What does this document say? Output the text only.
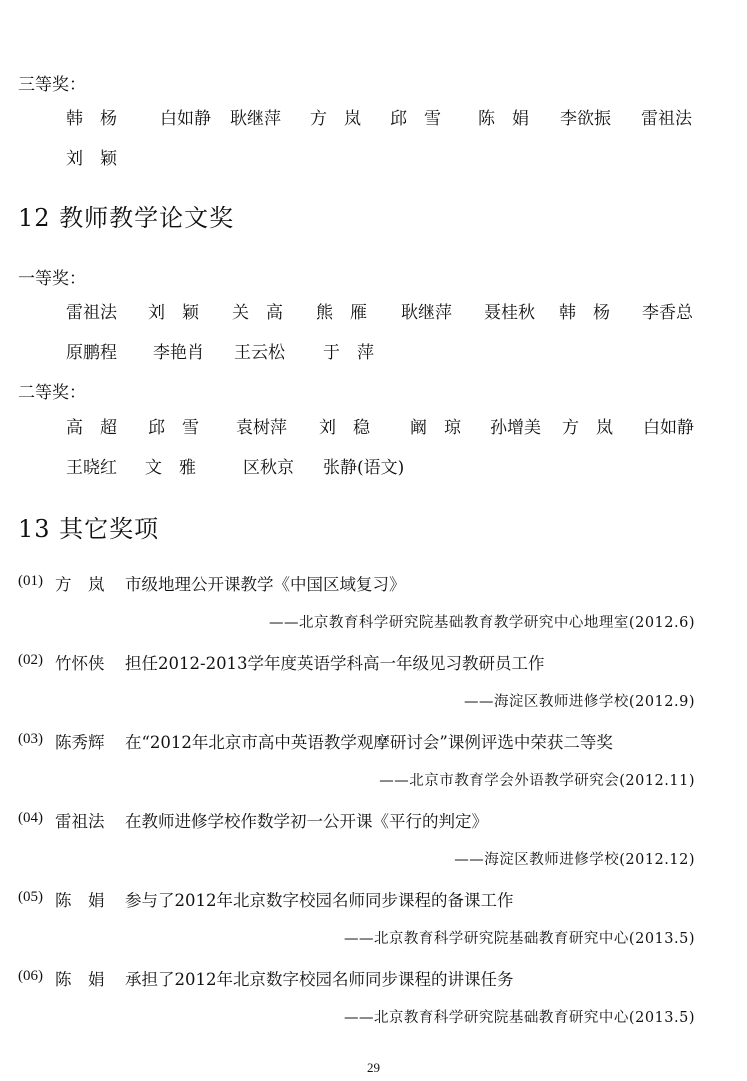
三等奖：
韩　杨	白如静 耿继萍 方　岚 邱　雪 陈　娟 李欲振 雷祖法
刘　颖
12 教师教学论文奖
一等奖：
雷祖法 刘　颖 关　高 熊　雁 耿继萍 聂桂秋 韩　杨 李香总
原鹏程 李艳肖 王云松 于　萍
二等奖：
高　超 邱　雪 袁树萍 刘　稳 阚　琼 孙增美 方　岚 白如静
王晓红 文　雅	区秋京 张静(语文)
13 其它奖项
(01) 方　岚 市级地理公开课教学《中国区域复习》
——北京教育科学研究院基础教育教学研究中心地理室(2012.6)
(02) 竹怀侠 担任2012-2013学年度英语学科高一年级见习教研员工作
——海淀区教师进修学校(2012.9)
(03) 陈秀辉 在“2012年北京市高中英语教学观摩研讨会”课例评选中荣获二等奖
——北京市教育学会外语教学研究会(2012.11)
(04) 雷祖法 在教师进修学校作数学初一公开课《平行的判定》
——海淀区教师进修学校(2012.12)
(05) 陈　娟 参与了2012年北京数字校园名师同步课程的备课工作
——北京教育科学研究院基础教育研究中心(2013.5)
(06) 陈　娟 承担了2012年北京数字校园名师同步课程的讲课任务
——北京教育科学研究院基础教育研究中心(2013.5)
29
